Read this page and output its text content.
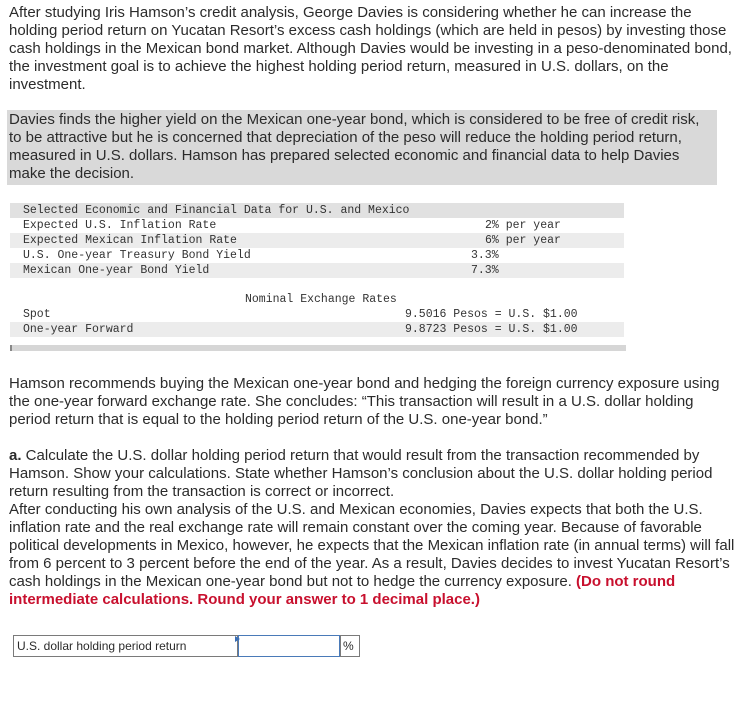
After studying Iris Hamson’s credit analysis, George Davies is considering whether he can increase the holding period return on Yucatan Resort’s excess cash holdings (which are held in pesos) by investing those cash holdings in the Mexican bond market. Although Davies would be investing in a peso-denominated bond, the investment goal is to achieve the highest holding period return, measured in U.S. dollars, on the investment.

Davies finds the higher yield on the Mexican one-year bond, which is considered to be free of credit risk, to be attractive but he is concerned that depreciation of the peso will reduce the holding period return, measured in U.S. dollars. Hamson has prepared selected economic and financial data to help Davies make the decision.

Selected Economic and Financial Data for U.S. and Mexico
Expected U.S. Inflation Rate	2% per year
Expected Mexican Inflation Rate	6% per year
U.S. One-year Treasury Bond Yield	3.3%
Mexican One-year Bond Yield	7.3%
Nominal Exchange Rates
Spot	9.5016 Pesos = U.S. $1.00
One-year Forward	9.8723 Pesos = U.S. $1.00

Hamson recommends buying the Mexican one-year bond and hedging the foreign currency exposure using the one-year forward exchange rate. She concludes: “This transaction will result in a U.S. dollar holding period return that is equal to the holding period return of the U.S. one-year bond.”

a. Calculate the U.S. dollar holding period return that would result from the transaction recommended by Hamson. Show your calculations. State whether Hamson’s conclusion about the U.S. dollar holding period return resulting from the transaction is correct or incorrect.
After conducting his own analysis of the U.S. and Mexican economies, Davies expects that both the U.S. inflation rate and the real exchange rate will remain constant over the coming year. Because of favorable political developments in Mexico, however, he expects that the Mexican inflation rate (in annual terms) will fall from 6 percent to 3 percent before the end of the year. As a result, Davies decides to invest Yucatan Resort’s cash holdings in the Mexican one-year bond but not to hedge the currency exposure. (Do not round intermediate calculations. Round your answer to 1 decimal place.)

U.S. dollar holding period return	%
